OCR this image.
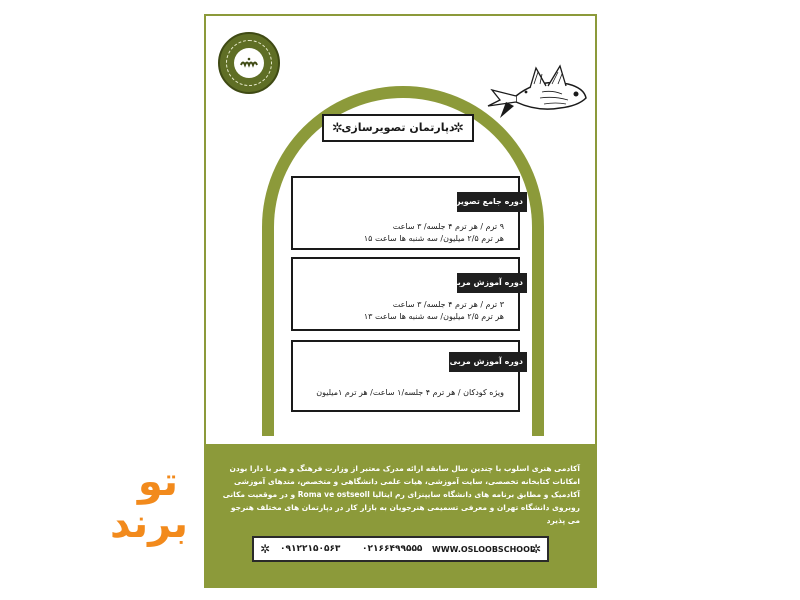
✲
دپارتمان تصویرسازی
✲
دوره جامع تصویرسازی
۹ ترم / هر ترم ۴ جلسه/ ۳ ساعت
هر ترم ۲/۵ میلیون/ سه شنبه ها ساعت ۱۵
دوره آموزش مربی هنر کودک...
۳ ترم / هر ترم ۴ جلسه/ ۳ ساعت
هر ترم ۲/۵ میلیون/ سه شنبه ها ساعت ۱۳
دوره آموزش مربی هنر کودک...
ویژه کودکان / هر ترم ۴ جلسه/۱ ساعت/ هر ترم ۱میلیون
آکادمی هنری اسلوب با چندین سال سابقه ارائه مدرک معتبر از وزارت فرهنگ و هنر با دارا بودن امکانات کتابخانه تخصصی، سایت آموزشی، هیات علمی دانشگاهی و متخصص، متدهای آموزشی آکادمیک و مطابق برنامه های دانشگاه سایپنزای رم ایتالیا Roma ve ostseoll و در موقعیت مکانی روبروی دانشگاه تهران و معرفی تسمیمی هنرجویان به بازار کار در دپارتمان های مختلف هنرجو می پذیرد
✲ ۰۹۱۲۲۱۵۰۵۶۳ ۰۲۱۶۶۴۹۹۵۵۵ WWW.OSLOOBSCHOOL
✲
تو
برند
